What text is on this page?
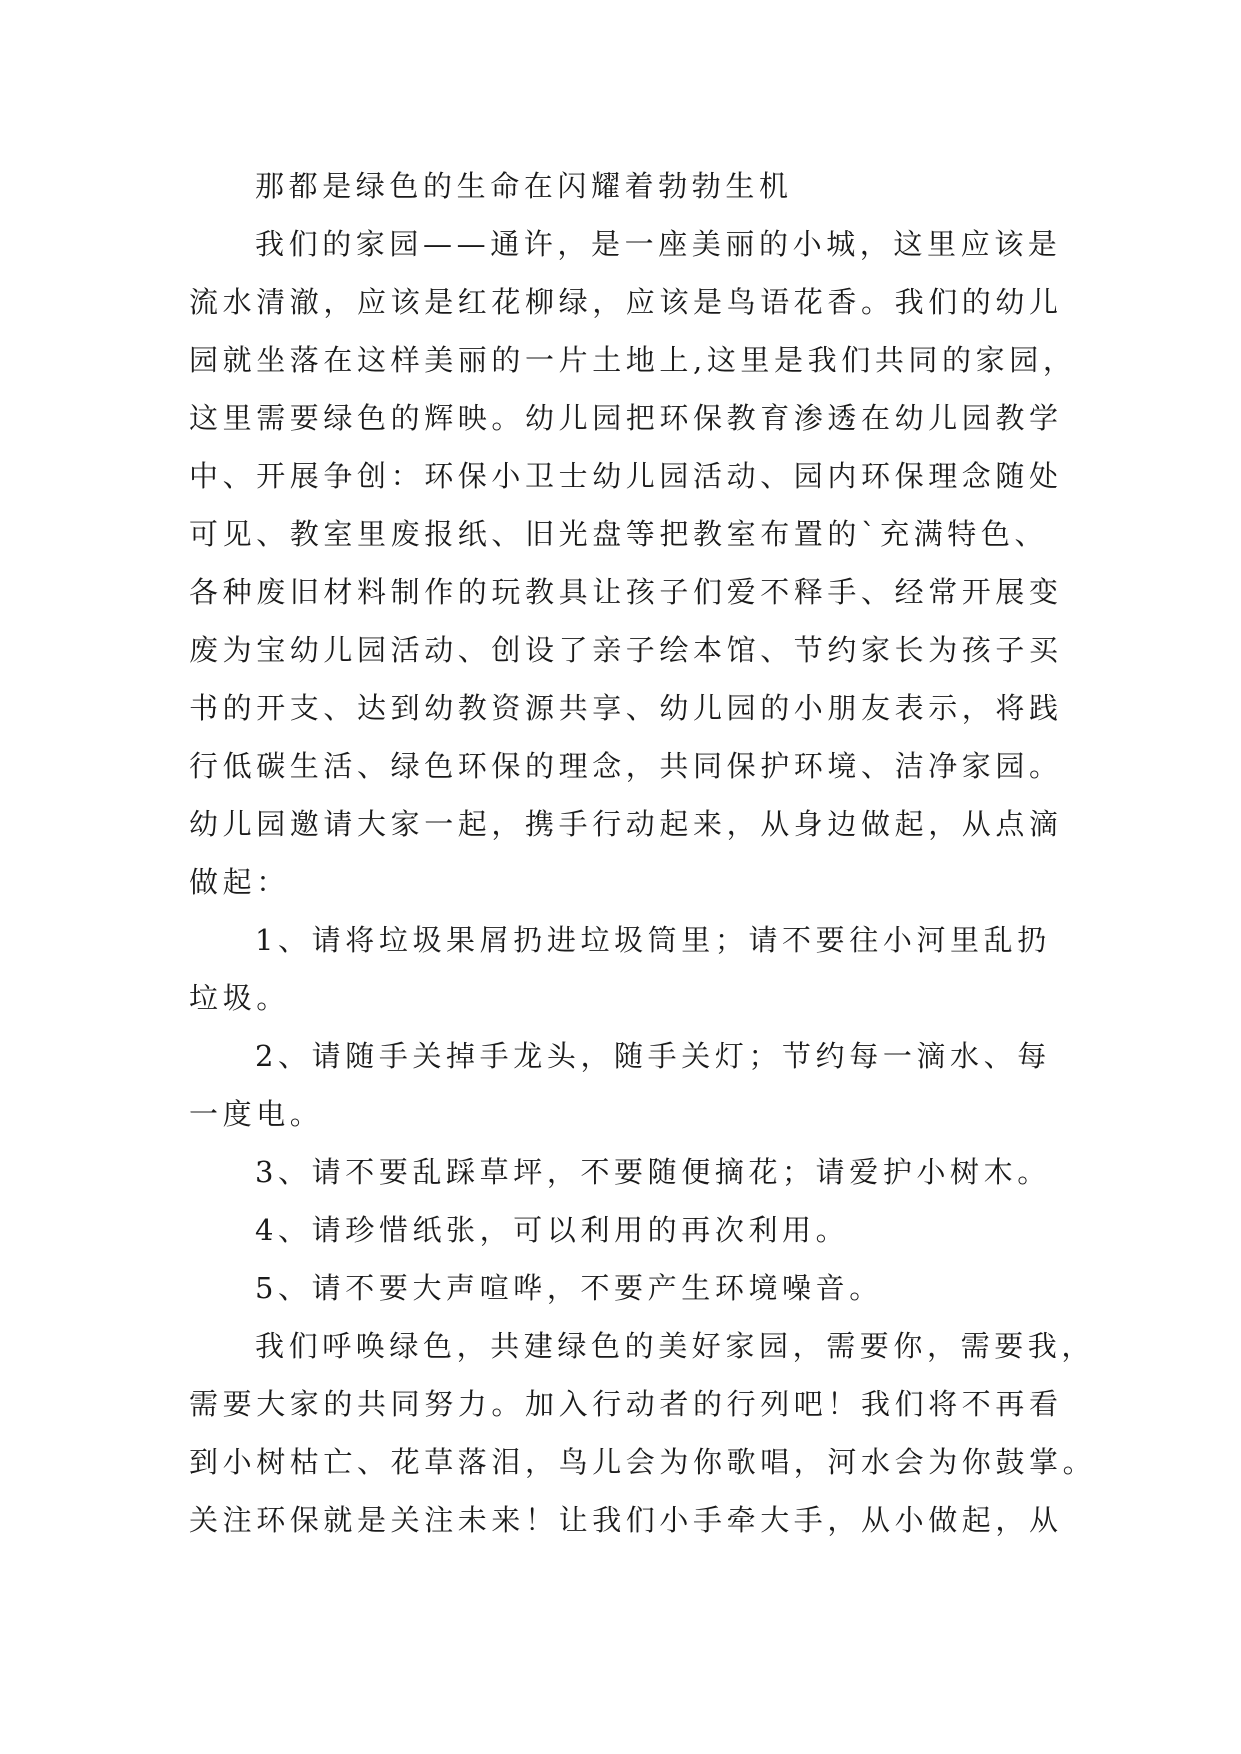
那都是绿色的生命在闪耀着勃勃生机
我们的家园——通许，是一座美丽的小城，这里应该是
流水清澈，应该是红花柳绿，应该是鸟语花香。我们的幼儿
园就坐落在这样美丽的一片土地上,这里是我们共同的家园，
这里需要绿色的辉映。幼儿园把环保教育渗透在幼儿园教学
中、开展争创：环保小卫士幼儿园活动、园内环保理念随处
可见、教室里废报纸、旧光盘等把教室布置的`充满特色、
各种废旧材料制作的玩教具让孩子们爱不释手、经常开展变
废为宝幼儿园活动、创设了亲子绘本馆、节约家长为孩子买
书的开支、达到幼教资源共享、幼儿园的小朋友表示，将践
行低碳生活、绿色环保的理念，共同保护环境、洁净家园。
幼儿园邀请大家一起，携手行动起来，从身边做起，从点滴
做起：
1、请将垃圾果屑扔进垃圾筒里；请不要往小河里乱扔
垃圾。
2、请随手关掉手龙头，随手关灯；节约每一滴水、每
一度电。
3、请不要乱踩草坪，不要随便摘花；请爱护小树木。
4、请珍惜纸张，可以利用的再次利用。
5、请不要大声喧哗，不要产生环境噪音。
我们呼唤绿色，共建绿色的美好家园，需要你，需要我，
需要大家的共同努力。加入行动者的行列吧！我们将不再看
到小树枯亡、花草落泪，鸟儿会为你歌唱，河水会为你鼓掌。
关注环保就是关注未来！让我们小手牵大手，从小做起，从
